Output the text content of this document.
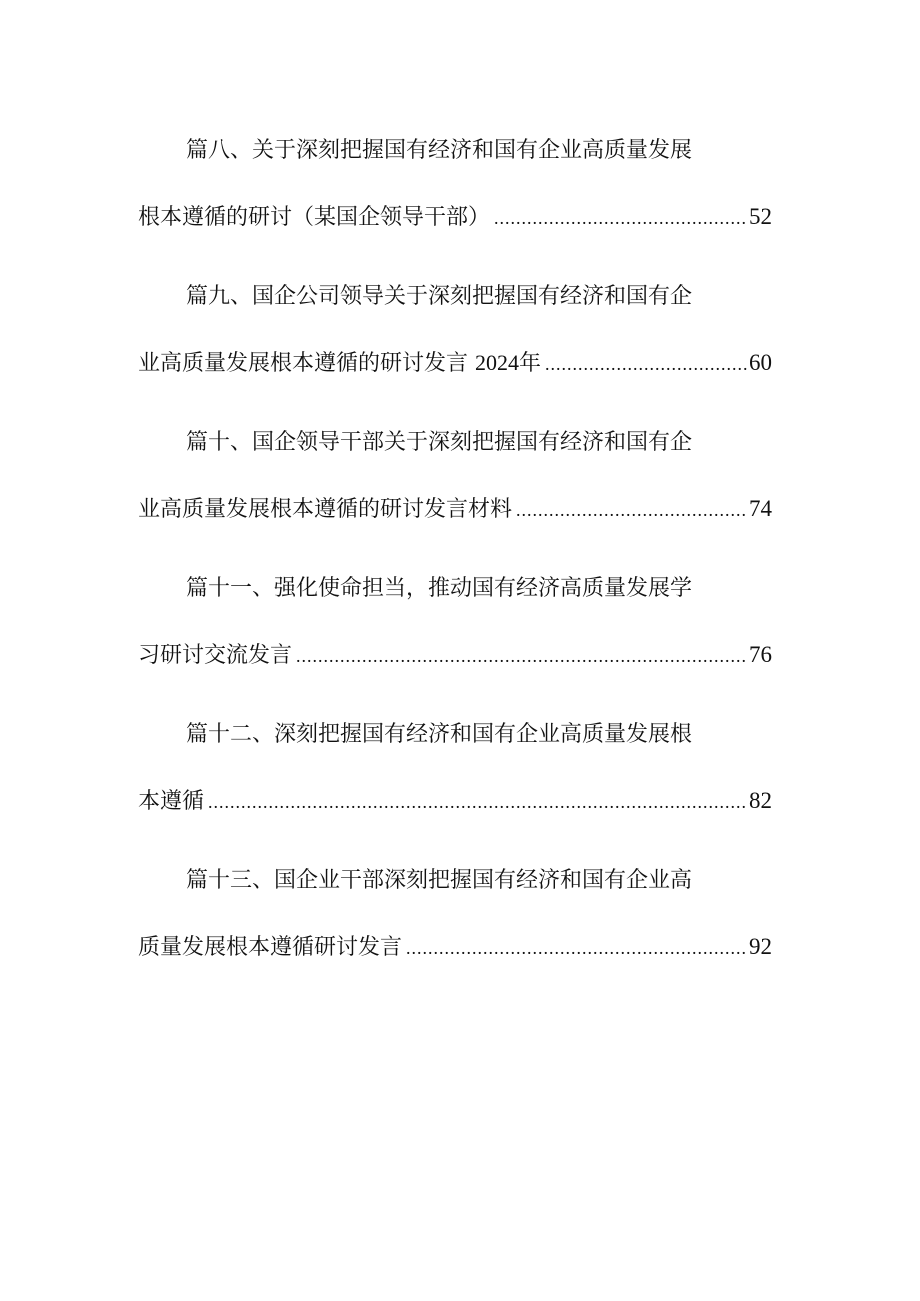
篇八、关于深刻把握国有经济和国有企业高质量发展
根本遵循的研讨（某国企领导干部） .....	52
篇九、国企公司领导关于深刻把握国有经济和国有企
业高质量发展根本遵循的研讨发言 2024年 .....	60
篇十、国企领导干部关于深刻把握国有经济和国有企
业高质量发展根本遵循的研讨发言材料 .....	74
篇十一、强化使命担当，推动国有经济高质量发展学
习研讨交流发言 .....	76
篇十二、深刻把握国有经济和国有企业高质量发展根
本遵循 .....	82
篇十三、国企业干部深刻把握国有经济和国有企业高
质量发展根本遵循研讨发言 .....	92
